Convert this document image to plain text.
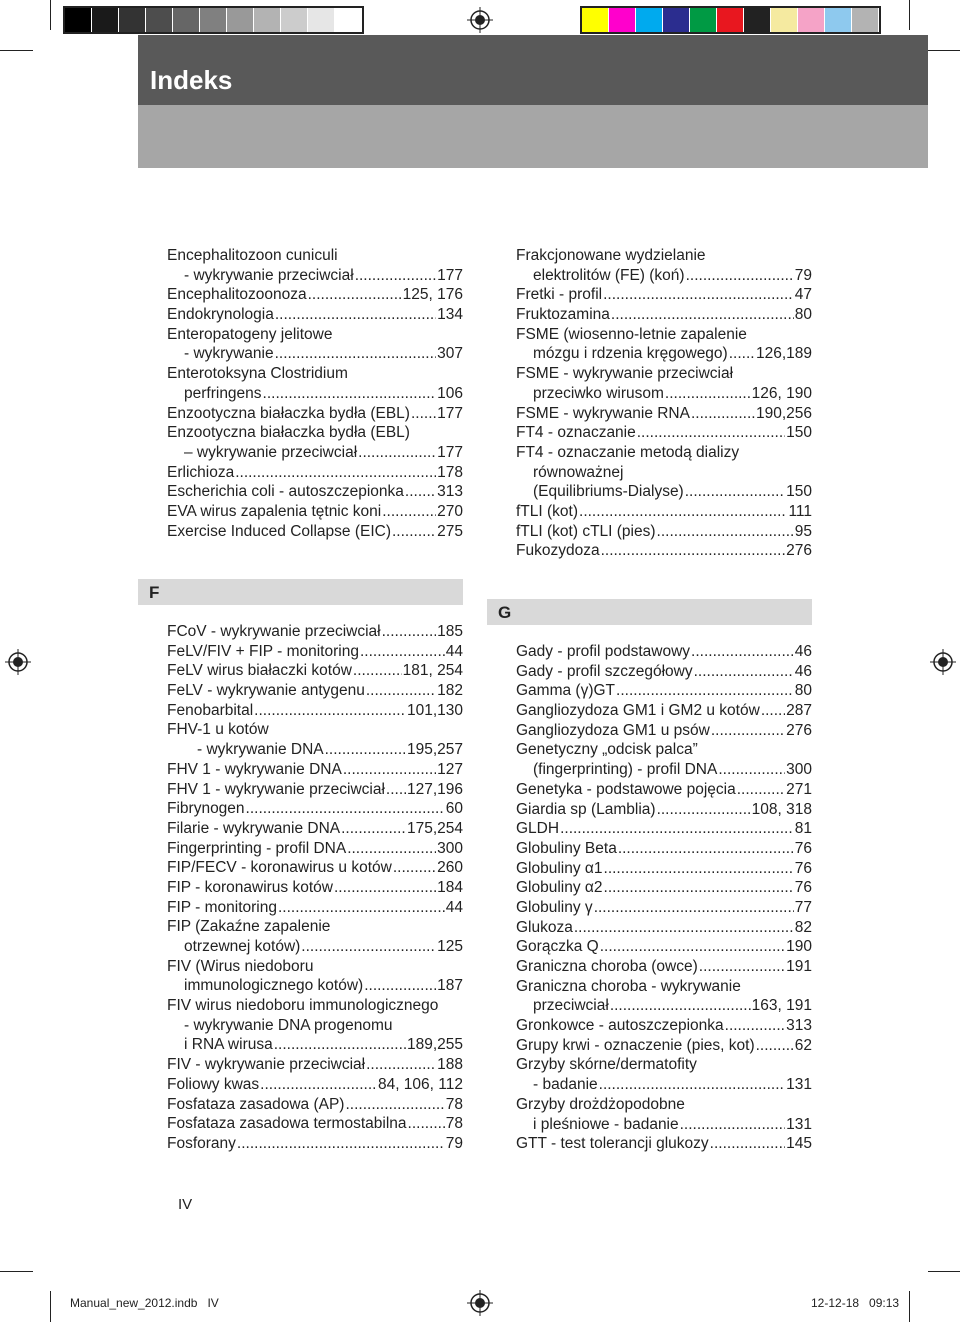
Indeks
Encephalitozoon cuniculi
- wykrywanie przeciwciał .....	177
Encephalitozoonoza .....	125, 176
Endokrynologia .....	134
Enteropatogeny jelitowe
- wykrywanie .....	307
Enterotoksyna Clostridium
perfringens .....	106
Enzootyczna białaczka bydła (EBL) ..... 177
Enzootyczna białaczka bydła (EBL)
– wykrywanie przeciwciał .....	177
Erlichioza .....	178
Escherichia coli - autoszczepionka ..... 313
EVA wirus zapalenia tętnic koni .....	270
Exercise Induced Collapse (EIC) .....	275
Frakcjonowane wydzielanie
elektrolitów (FE) (koń) .....	79
Fretki - profil .....	47
Fruktozamina .....	80
FSME (wiosenno-letnie zapalenie
mózgu i rdzenia kręgowego) ..... 126,189
FSME - wykrywanie przeciwciał
przeciwko wirusom .....	126, 190
FSME - wykrywanie RNA .....	190,256
FT4 - oznaczanie .....	150
FT4 - oznaczanie metodą dializy
równoważnej
(Equilibriums-Dialyse) .....	150
fTLI (kot) .....	111
fTLI (kot) cTLI (pies) .....	95
Fukozydoza .....	276
F
G
FCoV - wykrywanie przeciwciał .....	185
FeLV/FIV + FIP - monitoring .....	44
FeLV wirus białaczki kotów .....	181, 254
FeLV - wykrywanie antygenu .....	182
Fenobarbital .....	101,130
FHV-1 u kotów
- wykrywanie DNA .....	195,257
FHV 1 - wykrywanie DNA .....	127
FHV 1 - wykrywanie przeciwciał ..... 127,196
Fibrynogen .....	60
Filarie - wykrywanie DNA .....	175,254
Fingerprinting - profil DNA .....	300
FIP/FECV - koronawirus u kotów .....	260
FIP - koronawirus kotów .....	184
FIP - monitoring .....	44
FIP (Zakaźne zapalenie
otrzewnej kotów) .....	125
FIV (Wirus niedoboru
immunologicznego kotów) .....	187
FIV wirus niedoboru immunologicznego
- wykrywanie DNA progenomu
i RNA wirusa .....	189,255
FIV - wykrywanie przeciwciał .....	188
Foliowy kwas .....	84, 106, 112
Fosfataza zasadowa (AP) .....	78
Fosfataza zasadowa termostabilna .....	78
Fosforany .....	79
Gady - profil podstawowy .....	46
Gady - profil szczegółowy .....	46
Gamma (γ)GT .....	80
Gangliozydoza GM1 i GM2 u kotów ..... 287
Gangliozydoza GM1 u psów .....	276
Genetyczny „odcisk palca”
(fingerprinting) - profil DNA .....	300
Genetyka - podstawowe pojęcia .....	271
Giardia sp (Lamblia) .....	108, 318
GLDH .....	81
Globuliny Beta .....	76
Globuliny α1 .....	76
Globuliny α2 .....	76
Globuliny γ .....	77
Glukoza .....	82
Gorączka Q .....	190
Graniczna choroba (owce) .....	191
Graniczna choroba - wykrywanie
przeciwciał .....	163, 191
Gronkowce - autoszczepionka .....	313
Grupy krwi - oznaczenie (pies, kot) .....	62
Grzyby skórne/dermatofity
- badanie .....	131
Grzyby drożdżopodobne
i pleśniowe - badanie .....	131
GTT - test tolerancji glukozy .....	145
IV
Manual_new_2012.indb   IV	12-12-18   09:13
